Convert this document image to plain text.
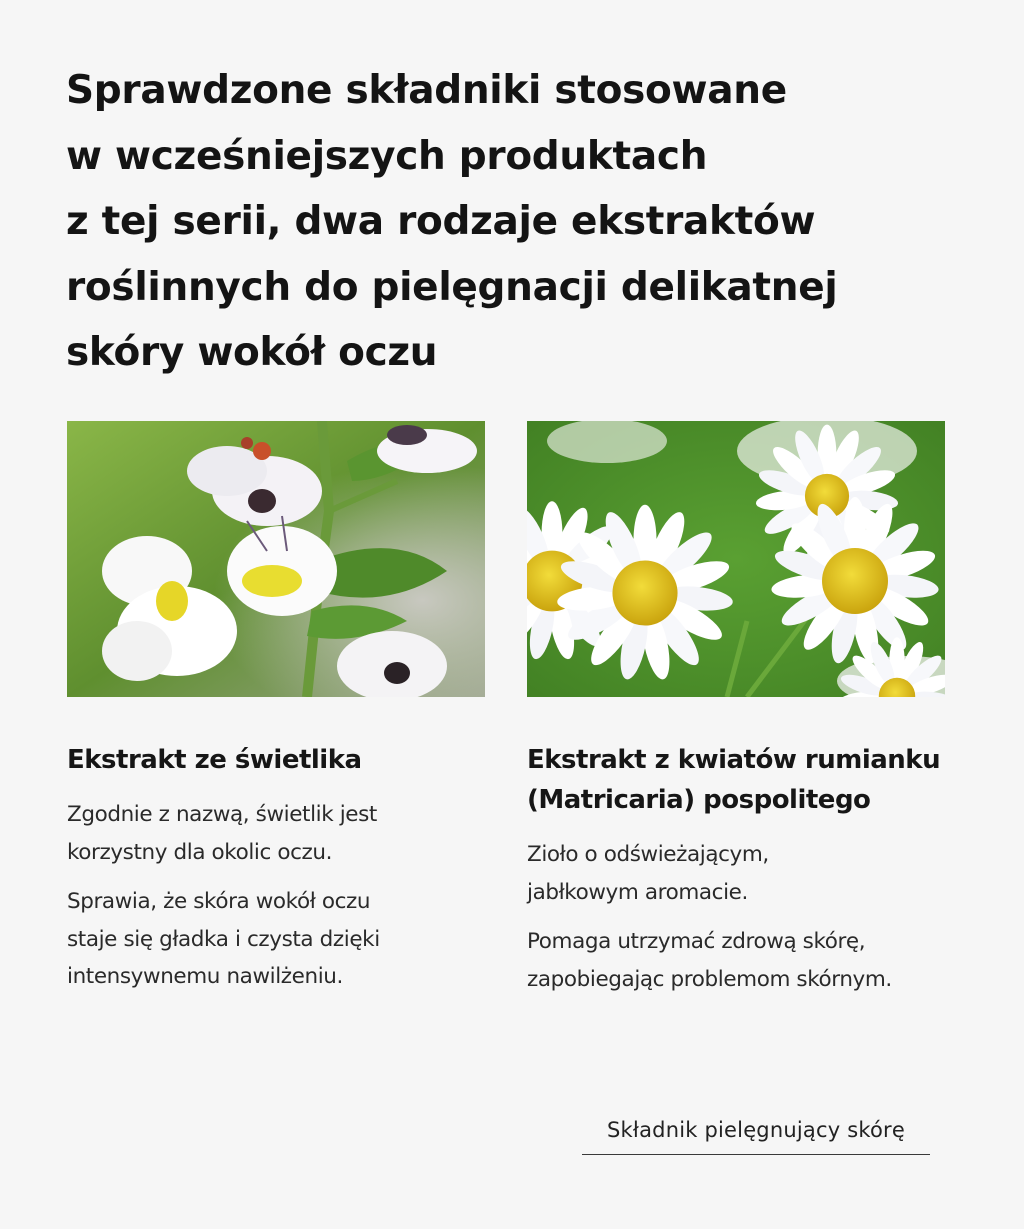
Sprawdzone składniki stosowane
w wcześniejszych produktach
z tej serii, dwa rodzaje ekstraktów
roślinnych do pielęgnacji delikatnej
skóry wokół oczu
Ekstrakt ze świetlika

Zgodnie z nazwą, świetlik jest
korzystny dla okolic oczu.

Sprawia, że skóra wokół oczu
staje się gładka i czysta dzięki
intensywnemu nawilżeniu.

Ekstrakt z kwiatów rumianku
(Matricaria) pospolitego

Zioło o odświeżającym,
jabłkowym aromacie.

Pomaga utrzymać zdrową skórę,
zapobiegając problemom skórnym.

Składnik pielęgnujący skórę
